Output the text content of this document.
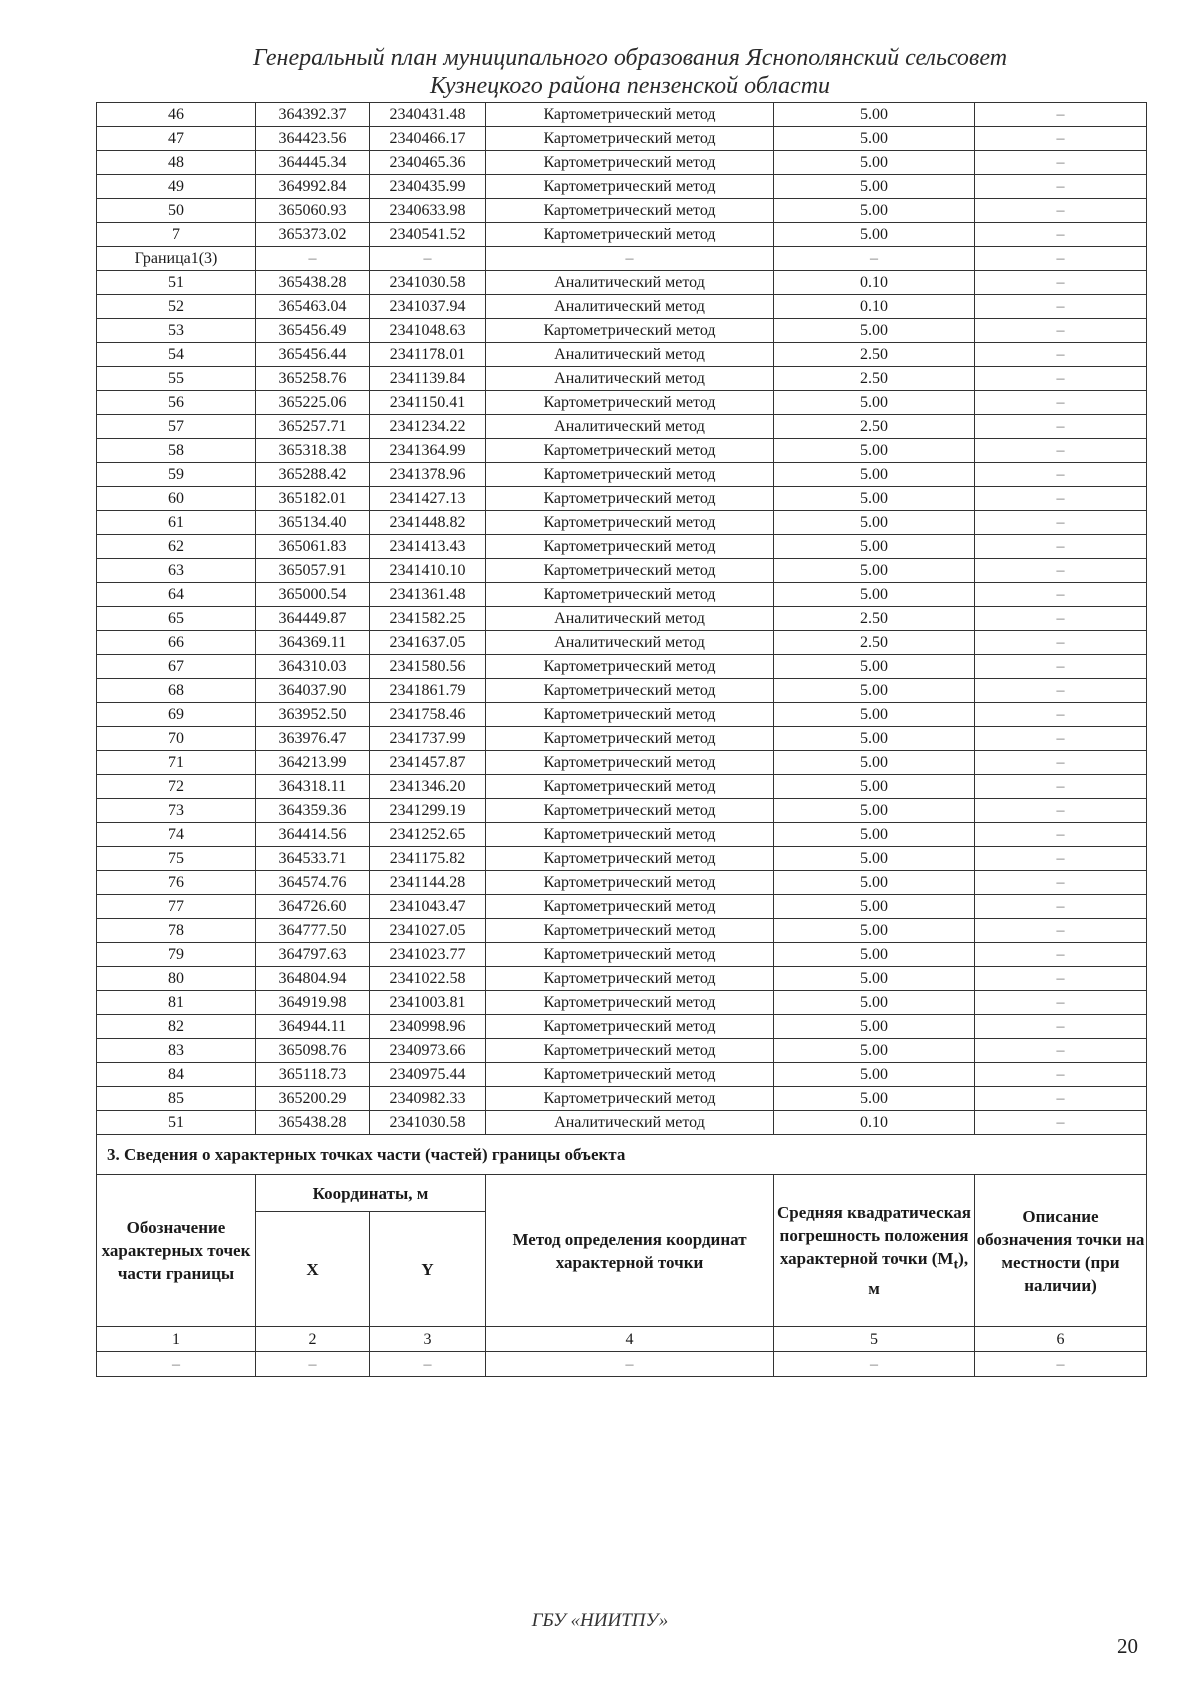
Генеральный план муниципального образования Яснополянский сельсовет
Кузнецкого района пензенской области
46	364392.37	2340431.48	Картометрический метод	5.00	–
47	364423.56	2340466.17	Картометрический метод	5.00	–
48	364445.34	2340465.36	Картометрический метод	5.00	–
49	364992.84	2340435.99	Картометрический метод	5.00	–
50	365060.93	2340633.98	Картометрический метод	5.00	–
7	365373.02	2340541.52	Картометрический метод	5.00	–
Граница1(3)	–	–	–	–	–
51	365438.28	2341030.58	Аналитический метод	0.10	–
52	365463.04	2341037.94	Аналитический метод	0.10	–
53	365456.49	2341048.63	Картометрический метод	5.00	–
54	365456.44	2341178.01	Аналитический метод	2.50	–
55	365258.76	2341139.84	Аналитический метод	2.50	–
56	365225.06	2341150.41	Картометрический метод	5.00	–
57	365257.71	2341234.22	Аналитический метод	2.50	–
58	365318.38	2341364.99	Картометрический метод	5.00	–
59	365288.42	2341378.96	Картометрический метод	5.00	–
60	365182.01	2341427.13	Картометрический метод	5.00	–
61	365134.40	2341448.82	Картометрический метод	5.00	–
62	365061.83	2341413.43	Картометрический метод	5.00	–
63	365057.91	2341410.10	Картометрический метод	5.00	–
64	365000.54	2341361.48	Картометрический метод	5.00	–
65	364449.87	2341582.25	Аналитический метод	2.50	–
66	364369.11	2341637.05	Аналитический метод	2.50	–
67	364310.03	2341580.56	Картометрический метод	5.00	–
68	364037.90	2341861.79	Картометрический метод	5.00	–
69	363952.50	2341758.46	Картометрический метод	5.00	–
70	363976.47	2341737.99	Картометрический метод	5.00	–
71	364213.99	2341457.87	Картометрический метод	5.00	–
72	364318.11	2341346.20	Картометрический метод	5.00	–
73	364359.36	2341299.19	Картометрический метод	5.00	–
74	364414.56	2341252.65	Картометрический метод	5.00	–
75	364533.71	2341175.82	Картометрический метод	5.00	–
76	364574.76	2341144.28	Картометрический метод	5.00	–
77	364726.60	2341043.47	Картометрический метод	5.00	–
78	364777.50	2341027.05	Картометрический метод	5.00	–
79	364797.63	2341023.77	Картометрический метод	5.00	–
80	364804.94	2341022.58	Картометрический метод	5.00	–
81	364919.98	2341003.81	Картометрический метод	5.00	–
82	364944.11	2340998.96	Картометрический метод	5.00	–
83	365098.76	2340973.66	Картометрический метод	5.00	–
84	365118.73	2340975.44	Картометрический метод	5.00	–
85	365200.29	2340982.33	Картометрический метод	5.00	–
51	365438.28	2341030.58	Аналитический метод	0.10	–
3. Сведения о характерных точках части (частей) границы объекта					
Обозначение характерных точек части границы	Координаты, м		Метод определения координат характерной точки	Средняя квадратическая погрешность положения характерной точки $(M_t)$, м	Описание обозначения точки на местности (при наличии)
	X	Y			
1	2	3	4	5	6
–	–	–	–	–	–
ГБУ «НИИТПУ»
20
